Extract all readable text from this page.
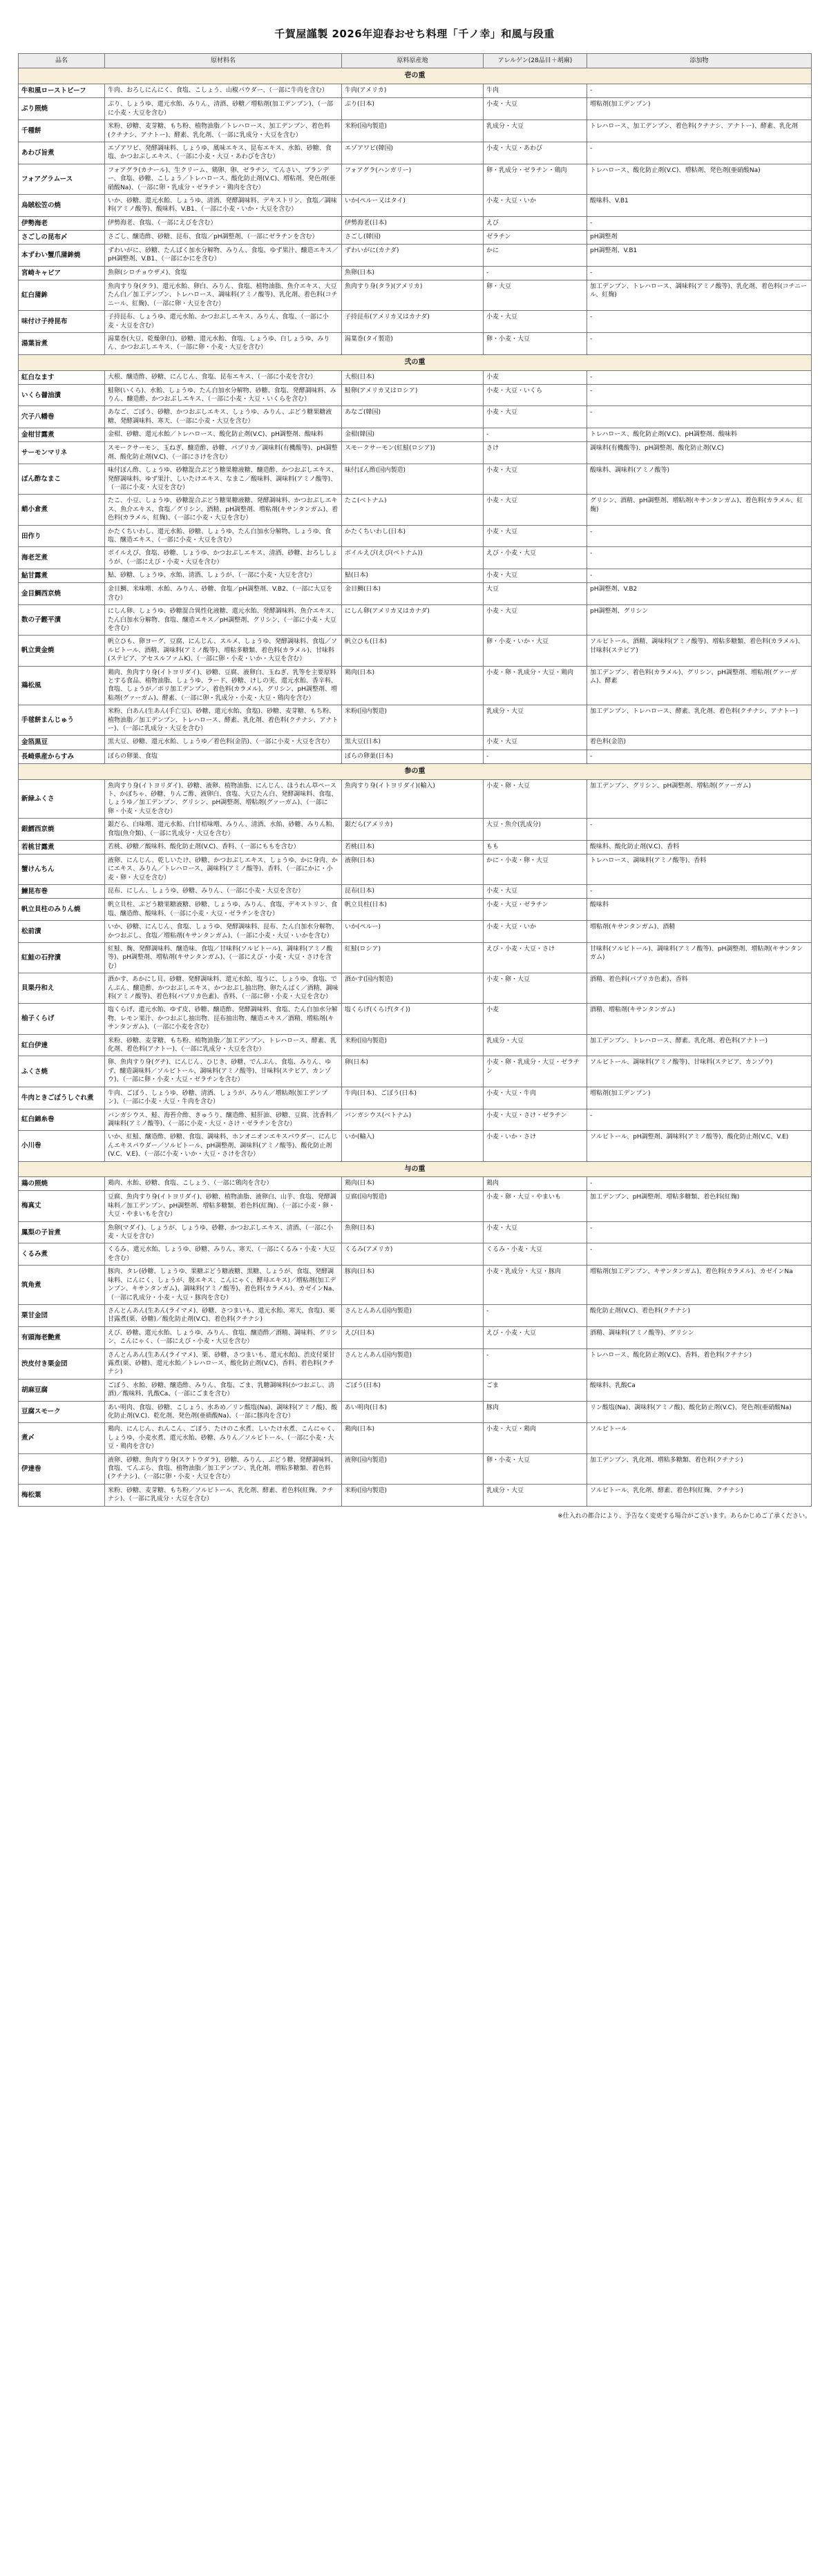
千賀屋謹製 2026年迎春おせち料理「千ノ幸」和風与段重
品名	原材料名	原料原産地	アレルゲン(28品目＋胡麻)	添加物
壱の重				
牛和風ローストビーフ	牛肉、おろしにんにく、食塩、こしょう、山椒パウダー、（一部に牛肉を含む）	牛肉(アメリカ)	牛肉	-
ぶり照焼	ぶり、しょうゆ、還元水飴、みりん、清酒、砂糖／増粘剤(加工デンプン)、（一部に小麦・大豆を含む）	ぶり(日本)	小麦・大豆	増粘剤(加工デンプン)
千種餅	米粉、砂糖、麦芽糖、もち粉、植物油脂／トレハロース、加工デンプン、着色料(クチナシ、アナトー)、酵素、乳化剤、（一部に乳成分・大豆を含む）	米粉(国内製造)	乳成分・大豆	トレハロース、加工デンプン、着色料(クチナシ、アナトー)、酵素、乳化剤
あわび旨煮	エゾアワビ、発酵調味料、しょうゆ、風味エキス、昆布エキス、水飴、砂糖、食塩、かつおぶしエキス、（一部に小麦・大豆・あわびを含む）	エゾアワビ(韓国)	小麦・大豆・あわび	-
フォアグラムース	フォアグラ(カナール)、生クリーム、鶏卵、卵、ゼラチン、てんさい、ブランデー、食塩、砂糖、こしょう／トレハロース、酸化防止剤(V.C)、増粘剤、発色剤(亜硝酸Na)、（一部に卵・乳成分・ゼラチン・鶏肉を含む）	フォアグラ(ハンガリー)	卵・乳成分・ゼラチン・鶏肉	トレハロース、酸化防止剤(V.C)、増粘剤、発色剤(亜硝酸Na)
烏賊松笠の焼	いか、砂糖、還元水飴、しょうゆ、清酒、発酵調味料、デキストリン、食塩／調味料(アミノ酸等)、酸味料、V.B1、（一部に小麦・いか・大豆を含む）	いか(ペルー又はタイ)	小麦・大豆・いか	酸味料、V.B1
伊勢海老	伊勢海老、食塩、（一部にえびを含む）	伊勢海老(日本)	えび	-
さごしの昆布〆	さごし、醸造酢、砂糖、昆布、食塩／pH調整剤、（一部にゼラチンを含む）	さごし(韓国)	ゼラチン	pH調整剤
本ずわい蟹爪蒲鉾焼	ずわいがに、砂糖、たんぱく加水分解物、みりん、食塩、ゆず果汁、醸造エキス／pH調整剤、V.B1、（一部にかにを含む）	ずわいがに(カナダ)	かに	pH調整剤、V.B1
宮崎キャビア	魚卵(シロチョウザメ)、食塩	魚卵(日本)	-	-
紅白蒲鉾	魚肉すり身(タラ)、還元水飴、卵白、みりん、食塩、植物油脂、魚介エキス、大豆たん白／加工デンプン、トレハロース、調味料(アミノ酸等)、乳化剤、着色料(コチニール、紅麹)、（一部に卵・大豆を含む）	魚肉すり身(タラ)(アメリカ)	卵・大豆	加工デンプン、トレハロース、調味料(アミノ酸等)、乳化剤、着色料(コチニール、紅麹)
味付け子持昆布	子持昆布、しょうゆ、還元水飴、かつおぶしエキス、みりん、食塩、（一部に小麦・大豆を含む）	子持昆布(アメリカ又はカナダ)	小麦・大豆	-
湯葉旨煮	湯葉巻(大豆、乾燥卵白)、砂糖、還元水飴、食塩、しょうゆ、白しょうゆ、みりん、かつおぶしエキス、（一部に卵・小麦・大豆を含む）	湯葉巻(タイ製造)	卵・小麦・大豆	-
弐の重				
紅白なます	大根、醸造酢、砂糖、にんじん、食塩、昆布エキス、（一部に小麦を含む）	大根(日本)	小麦	-
いくら醤油漬	鮭卵(いくら)、水飴、しょうゆ、たん白加水分解物、砂糖、食塩、発酵調味料、みりん、醸造酢、かつおぶしエキス、（一部に小麦・大豆・いくらを含む）	鮭卵(アメリカ又はロシア)	小麦・大豆・いくら	-
穴子八幡巻	あなご、ごぼう、砂糖、かつおぶしエキス、しょうゆ、みりん、ぶどう糖果糖液糖、発酵調味料、寒天、（一部に小麦・大豆を含む）	あなご(韓国)	小麦・大豆	-
金柑甘露煮	金柑、砂糖、還元水飴／トレハロース、酸化防止剤(V.C)、pH調整剤、酸味料	金柑(韓国)	-	トレハロース、酸化防止剤(V.C)、pH調整剤、酸味料
サーモンマリネ	スモークサーモン、玉ねぎ、醸造酢、砂糖、パプリカ／調味料(有機酸等)、pH調整剤、酸化防止剤(V.C)、（一部にさけを含む）	スモークサーモン(紅鮭(ロシア))	さけ	調味料(有機酸等)、pH調整剤、酸化防止剤(V.C)
ぽん酢なまこ	味付ぽん酢、しょうゆ、砂糖混合ぶどう糖果糖液糖、醸造酢、かつおぶしエキス、発酵調味料、ゆず果汁、しいたけエキス、なまこ／酸味料、調味料(アミノ酸等)、（一部に小麦・大豆を含む）	味付ぽん酢(国内製造)	小麦・大豆	酸味料、調味料(アミノ酸等)
蛸小倉煮	たこ、小豆、しょうゆ、砂糖混合ぶどう糖果糖液糖、発酵調味料、かつおぶしエキス、魚介エキス、食塩／グリシン、酒精、pH調整剤、増粘剤(キサンタンガム)、着色料(カラメル、紅麹)、（一部に小麦・大豆を含む）	たこ(ベトナム)	小麦・大豆	グリシン、酒精、pH調整剤、増粘剤(キサンタンガム)、着色料(カラメル、紅麹)
田作り	かたくちいわし、還元水飴、砂糖、しょうゆ、たん白加水分解物、しょうゆ、食塩、醸造エキス、（一部に小麦・大豆を含む）	かたくちいわし(日本)	小麦・大豆	-
海老芝煮	ボイルえび、食塩、砂糖、しょうゆ、かつおぶしエキス、清酒、砂糖、おろししょうが、（一部にえび・小麦・大豆を含む）	ボイルえび(えび(ベトナム))	えび・小麦・大豆	-
鮎甘露煮	鮎、砂糖、しょうゆ、水飴、清酒、しょうが、（一部に小麦・大豆を含む）	鮎(日本)	小麦・大豆	-
金目鯛西京焼	金目鯛、米味噌、水飴、みりん、砂糖、食塩／pH調整剤、V.B2、（一部に大豆を含む）	金目鯛(日本)	大豆	pH調整剤、V.B2
数の子鰹平漬	にしん卵、しょうゆ、砂糖混合異性化液糖、還元水飴、発酵調味料、魚介エキス、たん白加水分解物、食塩、醸造エキス／pH調整剤、グリシン、（一部に小麦・大豆を含む）	にしん卵(アメリカ又はカナダ)	小麦・大豆	pH調整剤、グリシン
帆立黄金焼	帆立ひも、卵ヨーグ、豆腐、にんじん、スルメ、しょうゆ、発酵調味料、食塩／ソルビトール、酒精、調味料(アミノ酸等)、増粘多糖類、着色料(カラメル)、甘味料(ステビア、アセスルファムK)、（一部に卵・小麦・いか・大豆を含む）	帆立ひも(日本)	卵・小麦・いか・大豆	ソルビトール、酒精、調味料(アミノ酸等)、増粘多糖類、着色料(カラメル)、甘味料(ステビア)
鶏松風	鶏肉、魚肉すり身(イトヨリダイ)、砂糖、豆腐、液卵白、玉ねぎ、乳等を主要原料とする食品、植物油脂、しょうゆ、ラード、砂糖、けしの実、還元水飴、香辛料、食塩、しょうが／ポリ加工デンプン、着色料(カラメル)、グリシン、pH調整剤、増粘剤(グァーガム)、酵素、（一部に卵・乳成分・小麦・大豆・鶏肉を含む）	鶏肉(日本)	小麦・卵・乳成分・大豆・鶏肉	加工デンプン、着色料(カラメル)、グリシン、pH調整剤、増粘剤(グァーガム)、酵素
手毬餅まんじゅう	米粉、白あん(生あん(手亡豆)、砂糖、還元水飴、食塩)、砂糖、麦芽糖、もち粉、植物油脂／加工デンプン、トレハロース、酵素、乳化剤、着色料(クチナシ、アナトー)、（一部に乳成分・大豆を含む）	米粉(国内製造)	乳成分・大豆	加工デンプン、トレハロース、酵素、乳化剤、着色料(クチナシ、アナトー)
金箔黒豆	黒大豆、砂糖、還元水飴、しょうゆ／着色料(金箔)、（一部に小麦・大豆を含む）	黒大豆(日本)	小麦・大豆	着色料(金箔)
長崎県産からすみ	ぼらの卵巣、食塩	ぼらの卵巣(日本)	-	-
参の重				
新緑ふくさ	魚肉すり身(イトヨリダイ)、砂糖、液卵、植物油脂、にんじん、ほうれん草ペースト、かぼちゃ、砂糖、りんご酢、液卵白、食塩、大豆たん白、発酵調味料、食塩、しょうゆ／加工デンプン、グリシン、pH調整剤、増粘剤(グァーガム)、（一部に卵・小麦・大豆を含む）	魚肉すり身(イトヨリダイ)(輸入)	小麦・卵・大豆	加工デンプン、グリシン、pH調整剤、増粘剤(グァーガム)
銀鱈西京焼	銀だら、白味噌、還元水飴、白甘桔味噌、みりん、清酒、水飴、砂糖、みりん粕、食塩(魚介類)、（一部に乳成分・大豆を含む）	銀だら(アメリカ)	大豆・魚介(乳成分)	-
若桃甘露煮	若桃、砂糖／酸味料、酸化防止剤(V.C)、香料、（一部にももを含む）	若桃(日本)	もも	酸味料、酸化防止剤(V.C)、香料
蟹けんちん	液卵、にんじん、乾しいたけ、砂糖、かつおぶしエキス、しょうゆ、かに身肉、かにエキス、みりん／トレハロース、調味料(アミノ酸等)、香料、（一部にかに・小麦・卵・大豆を含む）	液卵(日本)	かに・小麦・卵・大豆	トレハロース、調味料(アミノ酸等)、香料
鰊昆布巻	昆布、にしん、しょうゆ、砂糖、みりん、（一部に小麦・大豆を含む）	昆布(日本)	小麦・大豆	-
帆立貝柱のみりん焼	帆立貝柱、ぶどう糖果糖液糖、砂糖、しょうゆ、みりん、食塩、デキストリン、食塩、醸造酢、酸味料、（一部に小麦・大豆・ゼラチンを含む）	帆立貝柱(日本)	小麦・大豆・ゼラチン	酸味料
松前漬	いか、砂糖、にんじん、食塩、しょうゆ、発酵調味料、昆布、たん白加水分解物、かつおぶし、食塩／増粘剤(キサンタンガム)、（一部に小麦・大豆・いかを含む）	いか(ペルー)	小麦・大豆・いか	増粘剤(キサンタンガム)、酒精
紅鮭の石狩漬	紅鮭、麹、発酵調味料、醸造味、食塩／甘味料(ソルビトール)、調味料(アミノ酸等)、pH調整剤、増粘剤(キサンタンガム)、（一部にえび・小麦・大豆・さけを含む）	紅鮭(ロシア)	えび・小麦・大豆・さけ	甘味料(ソルビトール)、調味料(アミノ酸等)、pH調整剤、増粘剤(キサンタンガム)
貝栗丹和え	酒かす、あかにし貝、砂糖、発酵調味料、還元水飴、塩うに、しょうゆ、食塩、でんぷん、醸造酢、かつおぶしエキス、かつおぶし抽出物、卵たんぱく／酒精、調味料(アミノ酸等)、着色料(パプリカ色素)、香料、（一部に卵・小麦・大豆を含む）	酒かす(国内製造)	小麦・卵・大豆	酒精、着色料(パプリカ色素)、香料
柚子くらげ	塩くらげ、還元水飴、ゆず皮、砂糖、醸造酢、発酵調味料、食塩、たん白加水分解物、レモン果汁、かつおぶし抽出物、昆布抽出物、醸造エキス／酒精、増粘剤(キサンタンガム)、（一部に小麦を含む）	塩くらげ(くらげ(タイ))	小麦	酒精、増粘剤(キサンタンガム)
紅白伊達	米粉、砂糖、麦芽糖、もち粉、植物油脂／加工デンプン、トレハロース、酵素、乳化剤、着色料(アナトー)、（一部に乳成分・大豆を含む）	米粉(国内製造)	乳成分・大豆	加工デンプン、トレハロース、酵素、乳化剤、着色料(アナトー)
ふくさ焼	卵、魚肉すり身(グチ)、にんじん、ひじき、砂糖、でんぷん、食塩、みりん、ゆず、醸造調味料／ソルビトール、調味料(アミノ酸等)、甘味料(ステビア、カンゾウ)、（一部に卵・小麦・大豆・ゼラチンを含む）	卵(日本)	小麦・卵・乳成分・大豆・ゼラチン	ソルビトール、調味料(アミノ酸等)、甘味料(ステビア、カンゾウ)
牛肉ときごぼうしぐれ煮	牛肉、ごぼう、しょうゆ、砂糖、清酒、しょうが、みりん／増粘剤(加工デンプン)、（一部に小麦・大豆・牛肉を含む）	牛肉(日本)、ごぼう(日本)	小麦・大豆・牛肉	増粘剤(加工デンプン)
紅白錦糸巻	バンガシウス、鮭、海苔介酢、きゅうり、醸造酢、鮭肝油、砂糖、豆腐、沈香料／調味料(アミノ酸等)、（一部に小麦・大豆・さけ・ゼラチンを含む）	バンガシウス(ベトナム)	小麦・大豆・さけ・ゼラチン	-
小川巻	いか、紅鮭、醸造酢、砂糖、食塩、調味料、ホンオニオンエキスパウダー、にんじんエキスパウダー／ソルビトール、pH調整剤、調味料(アミノ酸等)、酸化防止剤(V.C、V.E)、（一部に小麦・いか・大豆・さけを含む）	いか(輸入)	小麦・いか・さけ	ソルビトール、pH調整剤、調味料(アミノ酸等)、酸化防止剤(V.C、V.E)
与の重				
鶏の照焼	鶏肉、水飴、砂糖、食塩、こしょう、（一部に鶏肉を含む）	鶏肉(日本)	鶏肉	-
梅真丈	豆腐、魚肉すり身(イトヨリダイ)、砂糖、植物油脂、液卵白、山芋、食塩、発酵調味料／加工デンプン、pH調整剤、増粘多糖類、着色料(紅麹)、（一部に小麦・卵・大豆・やまいもを含む）	豆腐(国内製造)	小麦・卵・大豆・やまいも	加工デンプン、pH調整剤、増粘多糖類、着色料(紅麹)
鳳梨の子旨煮	魚卵(マダイ)、しょうが、しょうゆ、砂糖、かつおぶしエキス、清酒、（一部に小麦・大豆を含む）	魚卵(日本)	小麦・大豆	-
くるみ煮	くるみ、還元水飴、しょうゆ、砂糖、みりん、寒天、（一部にくるみ・小麦・大豆を含む）	くるみ(アメリカ)	くるみ・小麦・大豆	-
筑角煮	豚肉、タレ(砂糖、しょうゆ、果糖ぶどう糖液糖、黒糖、しょうが、食塩、発酵調味料、にんにく、しょうが、脱エキス、こんにゃく、酵母エキス)／増粘剤(加工デンプン、キサンタンガム)、調味料(アミノ酸等)、着色料(カラメル)、カゼインNa、（一部に乳成分・小麦・大豆・豚肉を含む）	豚肉(日本)	小麦・乳成分・大豆・豚肉	増粘剤(加工デンプン、キサンタンガム)、着色料(カラメル)、カゼインNa
栗甘金団	さんとんあん(生あん(ライマメ)、砂糖、さつまいも、還元水飴、寒天、食塩)、栗甘露煮(栗、砂糖)／酸化防止剤(V.C)、着色料(クチナシ)	さんとんあん(国内製造)	-	酸化防止剤(V.C)、着色料(クチナシ)
有頭海老艶煮	えび、砂糖、還元水飴、しょうゆ、みりん、食塩、醸造酢／酒精、調味料、グリシン、こんにゃく、（一部にえび・小麦・大豆を含む）	えび(日本)	えび・小麦・大豆	酒精、調味料(アミノ酸等)、グリシン
渋皮付き栗金団	さんとんあん(生あん(ライマメ)、栗、砂糖、さつまいも、還元水飴)、渋皮付栗甘露煮(栗、砂糖)、還元水飴／トレハロース、酸化防止剤(V.C)、香料、着色料(クチナシ)	さんとんあん(国内製造)	-	トレハロース、酸化防止剤(V.C)、香料、着色料(クチナシ)
胡麻豆腐	ごぼう、水飴、砂糖、醸造酢、みりん、食塩、ごま、乳糖調味料(かつおぶし、清酒)／酸味料、乳酸Ca、（一部にごまを含む）	ごぼう(日本)	ごま	酸味料、乳酸Ca
豆腐スモーク	あい明肉、食塩、砂糖、こしょう、水あめ／リン酸塩(Na)、調味料(アミノ酸)、酸化防止剤(V.C)、乾化剤、発色剤(亜硝酸Na)、（一部に豚肉を含む）	あい明肉(日本)	豚肉	リン酸塩(Na)、調味料(アミノ酸)、酸化防止剤(V.C)、発色剤(亜硝酸Na)
煮〆	鶏肉、にんじん、れんこん、ごぼう、たけのこ水煮、しいたけ水煮、こんにゃく、しょうゆ、小麦水煮、還元水飴、砂糖、みりん／ソルビトール、（一部に小麦・大豆・鶏肉を含む）	鶏肉(日本)	小麦・大豆・鶏肉	ソルビトール
伊達巻	液卵、砂糖、魚肉すり身(スケトウダラ)、砂糖、みりん、ぶどう糖、発酵調味料、食塩、てんぷら、食塩、植物油脂／加工デンプン、乳化剤、増粘多糖類、着色料(クチナシ)、（一部に卵・小麦・大豆を含む）	液卵(国内製造)	卵・小麦・大豆	加工デンプン、乳化剤、増粘多糖類、着色料(クチナシ)
梅松葉	米粉、砂糖、麦芽糖、もち粉／ソルビトール、乳化剤、酵素、着色料(紅麹、クチナシ)、（一部に乳成分・大豆を含む）	米粉(国内製造)	乳成分・大豆	ソルビトール、乳化剤、酵素、着色料(紅麹、クチナシ)
※仕入れの都合により、予告なく変更する場合がございます。あらかじめご了承ください。
